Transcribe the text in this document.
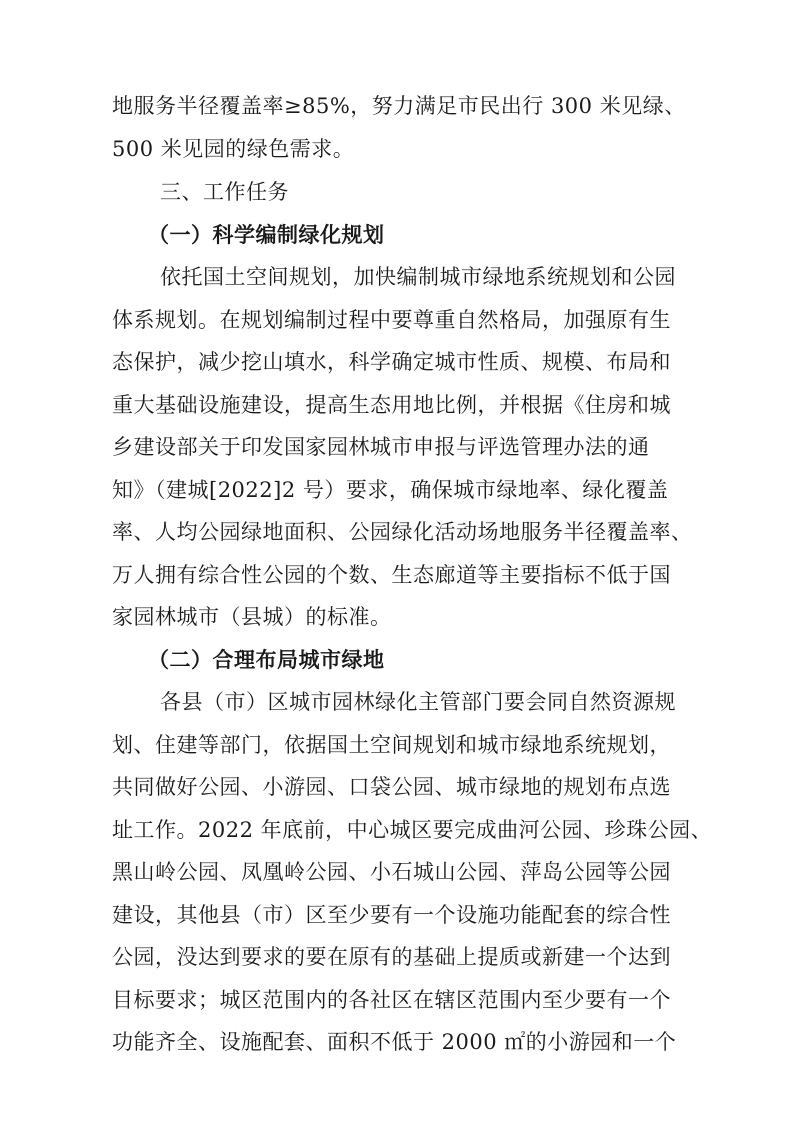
地服务半径覆盖率≥85%，努力满足市民出行 300 米见绿、
500 米见园的绿色需求。
三、工作任务
（一）科学编制绿化规划
依托国土空间规划，加快编制城市绿地系统规划和公园
体系规划。在规划编制过程中要尊重自然格局，加强原有生
态保护，减少挖山填水，科学确定城市性质、规模、布局和
重大基础设施建设，提高生态用地比例，并根据《住房和城
乡建设部关于印发国家园林城市申报与评选管理办法的通
知》（建城[2022]2 号）要求，确保城市绿地率、绿化覆盖
率、人均公园绿地面积、公园绿化活动场地服务半径覆盖率、
万人拥有综合性公园的个数、生态廊道等主要指标不低于国
家园林城市（县城）的标准。
（二）合理布局城市绿地
各县（市）区城市园林绿化主管部门要会同自然资源规
划、住建等部门，依据国土空间规划和城市绿地系统规划，
共同做好公园、小游园、口袋公园、城市绿地的规划布点选
址工作。2022 年底前，中心城区要完成曲河公园、珍珠公园、
黑山岭公园、凤凰岭公园、小石城山公园、萍岛公园等公园
建设，其他县（市）区至少要有一个设施功能配套的综合性
公园，没达到要求的要在原有的基础上提质或新建一个达到
目标要求；城区范围内的各社区在辖区范围内至少要有一个
功能齐全、设施配套、面积不低于 2000 ㎡的小游园和一个
